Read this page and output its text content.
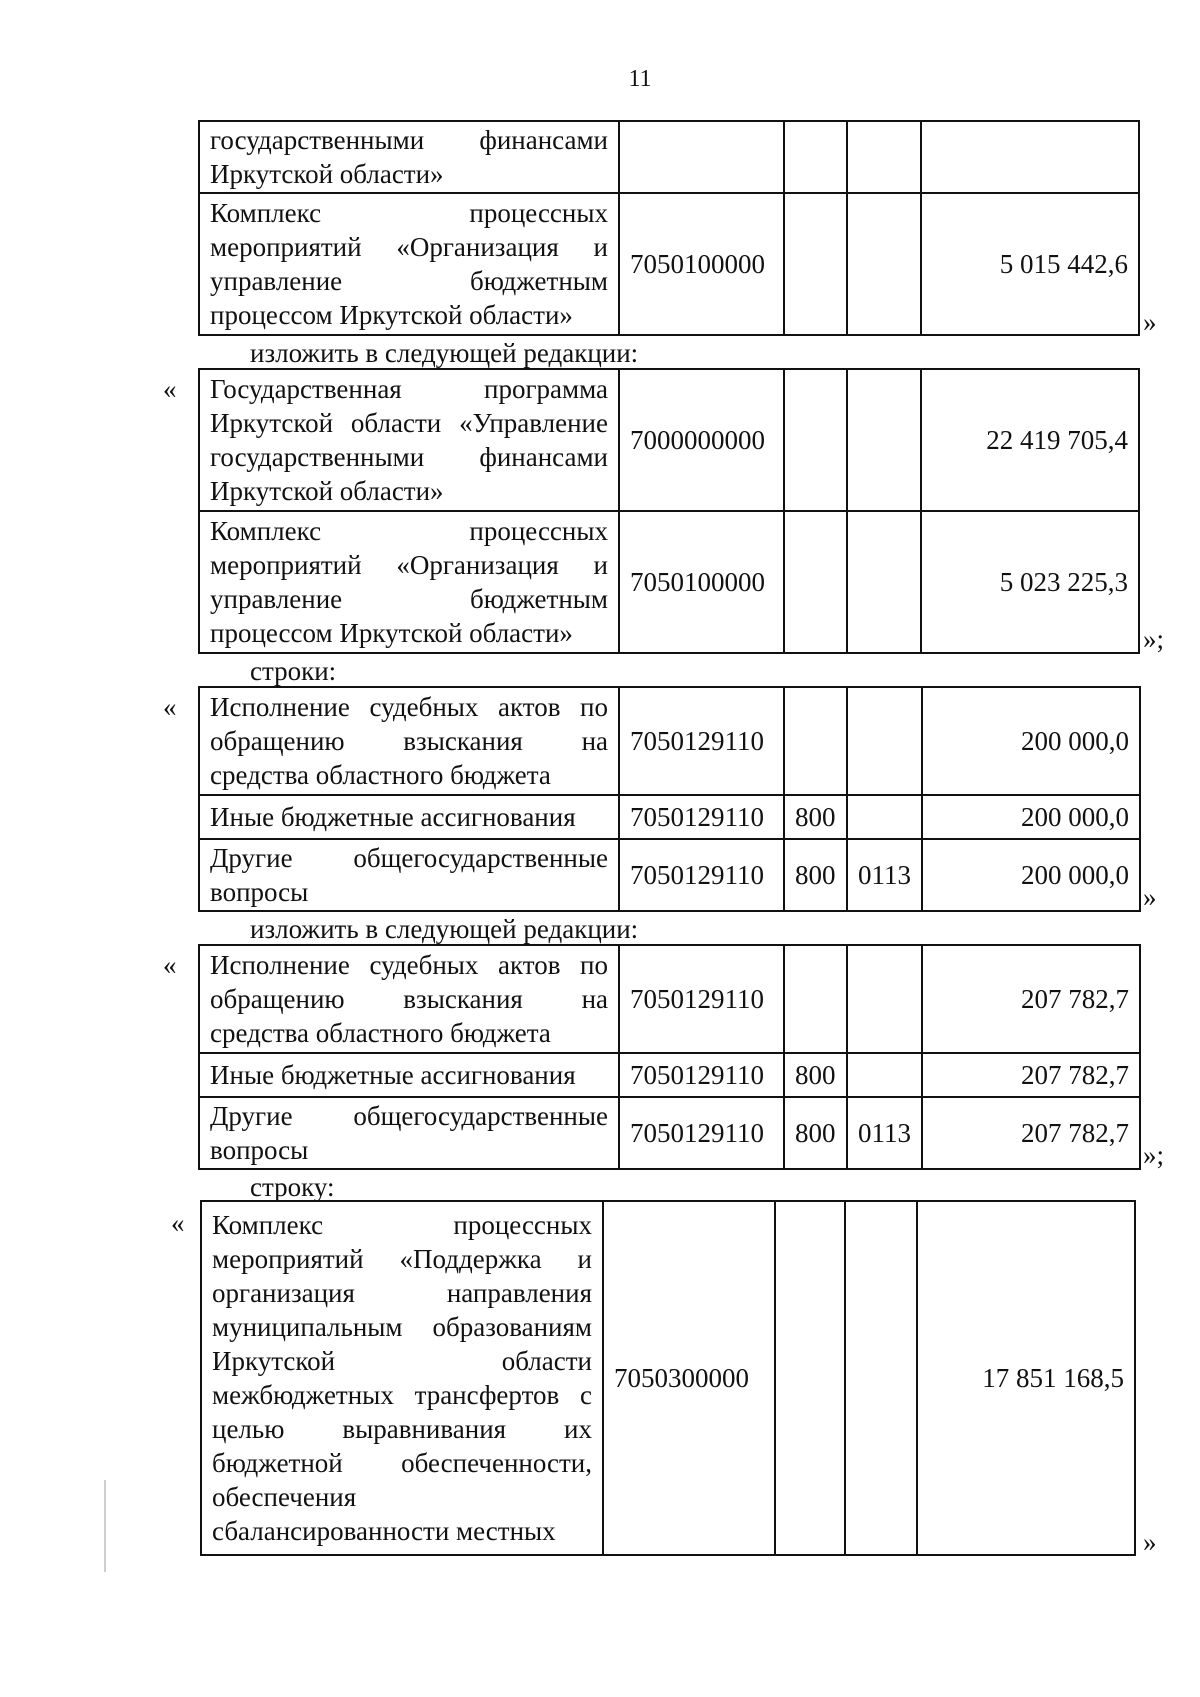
11
государственными финансами Иркутской области»				
Комплекс процессных мероприятий «Организация и управление бюджетным процессом Иркутской области»	7050100000			5 015 442,6
»
изложить в следующей редакции:
« Государственная программа Иркутской области «Управление государственными финансами Иркутской области»	7000000000			22 419 705,4
Комплекс процессных мероприятий «Организация и управление бюджетным процессом Иркутской области»	7050100000			5 023 225,3
»;
строки:
« Исполнение судебных актов по обращению взыскания на средства областного бюджета	7050129110			200 000,0
Иные бюджетные ассигнования	7050129110	800		200 000,0
Другие общегосударственные вопросы	7050129110	800	0113	200 000,0
»
изложить в следующей редакции:
« Исполнение судебных актов по обращению взыскания на средства областного бюджета	7050129110			207 782,7
Иные бюджетные ассигнования	7050129110	800		207 782,7
Другие общегосударственные вопросы	7050129110	800	0113	207 782,7
»;
строку:
« Комплекс процессных мероприятий «Поддержка и организация направления муниципальным образованиям Иркутской области межбюджетных трансфертов с целью выравнивания их бюджетной обеспеченности, обеспечения сбалансированности местных	7050300000			17 851 168,5
»
